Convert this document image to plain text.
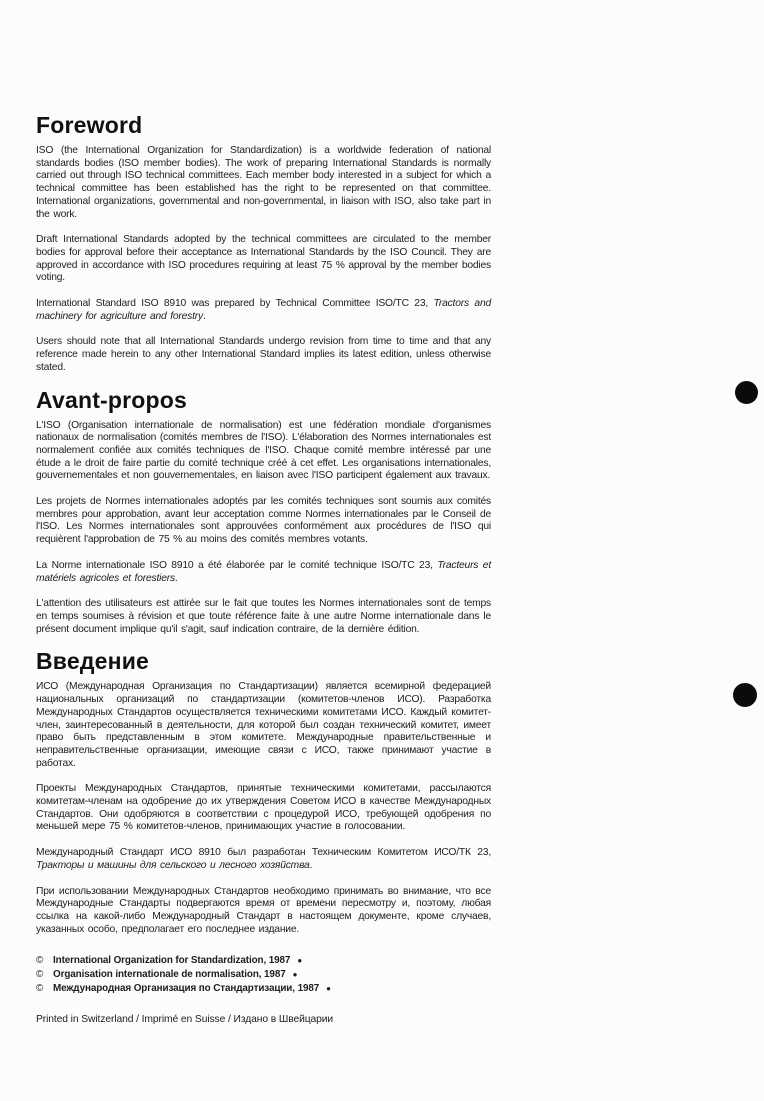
Foreword

ISO (the International Organization for Standardization) is a worldwide federation of national standards bodies (ISO member bodies). The work of preparing International Standards is normally carried out through ISO technical committees. Each member body interested in a subject for which a technical committee has been established has the right to be represented on that committee. International organizations, governmental and non-governmental, in liaison with ISO, also take part in the work.

Draft International Standards adopted by the technical committees are circulated to the member bodies for approval before their acceptance as International Standards by the ISO Council. They are approved in accordance with ISO procedures requiring at least 75 % approval by the member bodies voting.

International Standard ISO 8910 was prepared by Technical Committee ISO/TC 23, Tractors and machinery for agriculture and forestry.

Users should note that all International Standards undergo revision from time to time and that any reference made herein to any other International Standard implies its latest edition, unless otherwise stated.

Avant-propos

L'ISO (Organisation internationale de normalisation) est une fédération mondiale d'organismes nationaux de normalisation (comités membres de l'ISO). L'élaboration des Normes internationales est normalement confiée aux comités techniques de l'ISO. Chaque comité membre intéressé par une étude a le droit de faire partie du comité technique créé à cet effet. Les organisations internationales, gouvernementales et non gouvernementales, en liaison avec l'ISO participent également aux travaux.

Les projets de Normes internationales adoptés par les comités techniques sont soumis aux comités membres pour approbation, avant leur acceptation comme Normes internationales par le Conseil de l'ISO. Les Normes internationales sont approuvées conformément aux procédures de l'ISO qui requièrent l'approbation de 75 % au moins des comités membres votants.

La Norme internationale ISO 8910 a été élaborée par le comité technique ISO/TC 23, Tracteurs et matériels agricoles et forestiers.

L'attention des utilisateurs est attirée sur le fait que toutes les Normes internationales sont de temps en temps soumises à révision et que toute référence faite à une autre Norme internationale dans le présent document implique qu'il s'agit, sauf indication contraire, de la dernière édition.

Введение

ИСО (Международная Организация по Стандартизации) является всемирной федерацией национальных организаций по стандартизации (комитетов-членов ИСО). Разработка Международных Стандартов осуществляется техническими комитетами ИСО. Каждый комитет-член, заинтересованный в деятельности, для которой был создан технический комитет, имеет право быть представленным в этом комитете. Международные правительственные и неправительственные организации, имеющие связи с ИСО, также принимают участие в работах.

Проекты Международных Стандартов, принятые техническими комитетами, рассылаются комитетам-членам на одобрение до их утверждения Советом ИСО в качестве Международных Стандартов. Они одобряются в соответствии с процедурой ИСО, требующей одобрения по меньшей мере 75 % комитетов-членов, принимающих участие в голосовании.

Международный Стандарт ИСО 8910 был разработан Техническим Комитетом ИСО/ТК 23, Тракторы и машины для сельского и лесного хозяйства.

При использовании Международных Стандартов необходимо принимать во внимание, что все Международные Стандарты подвергаются время от времени пересмотру и, поэтому, любая ссылка на какой-либо Международный Стандарт в настоящем документе, кроме случаев, указанных особо, предполагает его последнее издание.

© International Organization for Standardization, 1987 ●
© Organisation internationale de normalisation, 1987 ●
© Международная Организация по Стандартизации, 1987 ●
Printed in Switzerland / Imprimé en Suisse / Издано в Швейцарии
